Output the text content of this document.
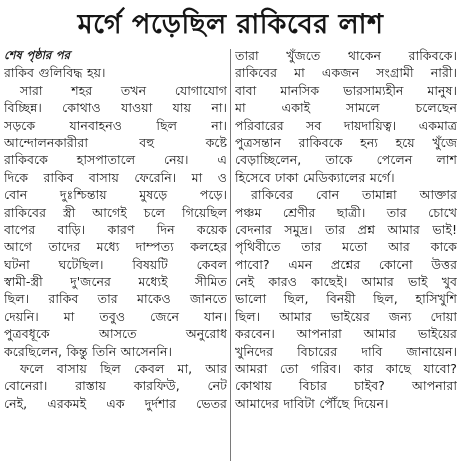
মর্গে পড়েছিল রাকিবের লাশ
শেষ পৃষ্ঠার পর
রাকিব গুলিবিদ্ধ হয়।
সারা শহর তখন যোগাযোগ
বিচ্ছিন্ন। কোথাও যাওয়া যায় না।
সড়কে যানবাহনও ছিল না।
আন্দোলনকারীরা বহু কষ্টে
রাকিবকে হাসপাতালে নেয়। এ
দিকে রাকিব বাসায় ফেরেনি। মা ও
বোন দুঃশ্চিন্তায় মুষড়ে পড়ে।
রাকিবের স্ত্রী আগেই চলে গিয়েছিল
বাপের বাড়ি। কারণ দিন কয়েক
আগে তাদের মধ্যে দাম্পত্য কলহের
ঘটনা ঘটেছিল। বিষয়টি কেবল
স্বামী-স্ত্রী দু'জনের মধ্যেই সীমিত
ছিল। রাকিব তার মাকেও জানতে
দেয়নি। মা তবুও জেনে যান।
পুত্রবধূকে আসতে অনুরোধ
করেছিলেন, কিন্তু তিনি আসেননি।
ফলে বাসায় ছিল কেবল মা, আর
বোনেরা। রাস্তায় কারফিউ, নেট
নেই, এরকমই এক দুর্দশার ভেতর
তারা খুঁজতে থাকেন রাকিবকে।
রাকিবের মা একজন সংগ্রামী নারী।
বাবা মানসিক ভারসাম্যহীন মানুষ।
মা একাই সামলে চলেছেন
পরিবারের সব দায়দায়িত্ব। একমাত্র
পুত্রসন্তান রাকিবকে হন্য হয়ে খুঁজে
বেড়াচ্ছিলেন, তাকে পেলেন লাশ
হিসেবে ঢাকা মেডিক্যালের মর্গে।
রাকিবের বোন তামান্না আক্তার
পঞ্চম শ্রেণীর ছাত্রী। তার চোখে
বেদনার সমুদ্র। তার প্রশ্ন আমার ভাই!
পৃথিবীতে তার মতো আর কাকে
পাবো? এমন প্রশ্নের কোনো উত্তর
নেই কারও কাছেই। আমার ভাই খুব
ভালো ছিল, বিনয়ী ছিল, হাসিখুশি
ছিল। আমার ভাইয়ের জন্য দোয়া
করবেন। আপনারা আমার ভাইয়ের
খুনিদের বিচারের দাবি জানায়েন।
আমরা তো গরিব। কার কাছে যাবো?
কোথায় বিচার চাইব? আপনারা
আমাদের দাবিটা পৌঁছে দিয়েন।
